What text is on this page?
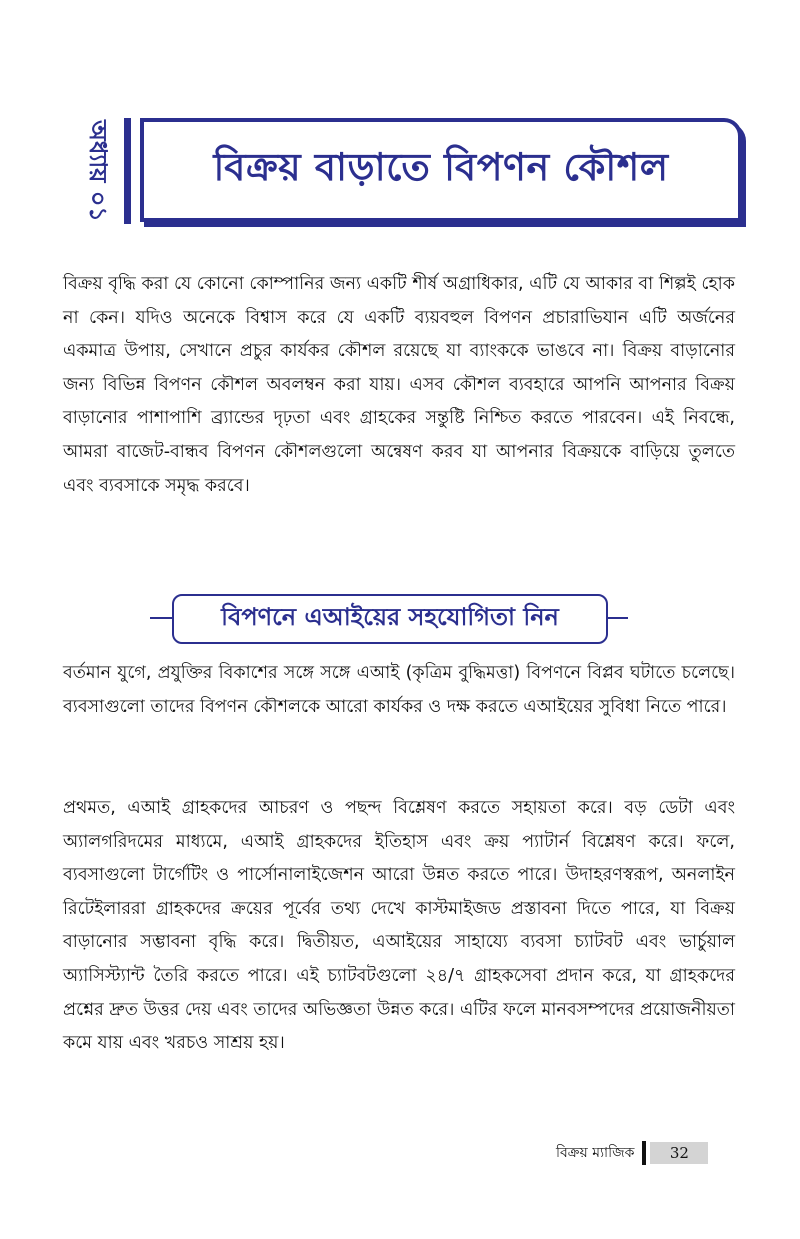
অধ্যায় ০১	বিক্রয় বাড়াতে বিপণন কৌশল

বিক্রয় বৃদ্ধি করা যে কোনো কোম্পানির জন্য একটি শীর্ষ অগ্রাধিকার, এটি যে আকার বা শিল্পই হোক না কেন। যদিও অনেকে বিশ্বাস করে যে একটি ব্যয়বহুল বিপণন প্রচারাভিযান এটি অর্জনের একমাত্র উপায়, সেখানে প্রচুর কার্যকর কৌশল রয়েছে যা ব্যাংককে ভাঙবে না। বিক্রয় বাড়ানোর জন্য বিভিন্ন বিপণন কৌশল অবলম্বন করা যায়। এসব কৌশল ব্যবহারে আপনি আপনার বিক্রয় বাড়ানোর পাশাপাশি ব্র্যান্ডের দৃঢ়তা এবং গ্রাহকের সন্তুষ্টি নিশ্চিত করতে পারবেন। এই নিবন্ধে, আমরা বাজেট-বান্ধব বিপণন কৌশলগুলো অন্বেষণ করব যা আপনার বিক্রয়কে বাড়িয়ে তুলতে এবং ব্যবসাকে সমৃদ্ধ করবে।

বিপণনে এআইয়ের সহযোগিতা নিন

বর্তমান যুগে, প্রযুক্তির বিকাশের সঙ্গে সঙ্গে এআই (কৃত্রিম বুদ্ধিমত্তা) বিপণনে বিপ্লব ঘটাতে চলেছে। ব্যবসাগুলো তাদের বিপণন কৌশলকে আরো কার্যকর ও দক্ষ করতে এআইয়ের সুবিধা নিতে পারে।

প্রথমত, এআই গ্রাহকদের আচরণ ও পছন্দ বিশ্লেষণ করতে সহায়তা করে। বড় ডেটা এবং অ্যালগরিদমের মাধ্যমে, এআই গ্রাহকদের ইতিহাস এবং ক্রয় প্যাটার্ন বিশ্লেষণ করে। ফলে, ব্যবসাগুলো টার্গেটিং ও পার্সোনালাইজেশন আরো উন্নত করতে পারে। উদাহরণস্বরূপ, অনলাইন রিটেইলাররা গ্রাহকদের ক্রয়ের পূর্বের তথ্য দেখে কাস্টমাইজড প্রস্তাবনা দিতে পারে, যা বিক্রয় বাড়ানোর সম্ভাবনা বৃদ্ধি করে। দ্বিতীয়ত, এআইয়ের সাহায্যে ব্যবসা চ্যাটবট এবং ভার্চুয়াল অ্যাসিস্ট্যান্ট তৈরি করতে পারে। এই চ্যাটবটগুলো ২৪/৭ গ্রাহকসেবা প্রদান করে, যা গ্রাহকদের প্রশ্নের দ্রুত উত্তর দেয় এবং তাদের অভিজ্ঞতা উন্নত করে। এটির ফলে মানবসম্পদের প্রয়োজনীয়তা কমে যায় এবং খরচও সাশ্রয় হয়।

বিক্রয় ম্যাজিক	32
